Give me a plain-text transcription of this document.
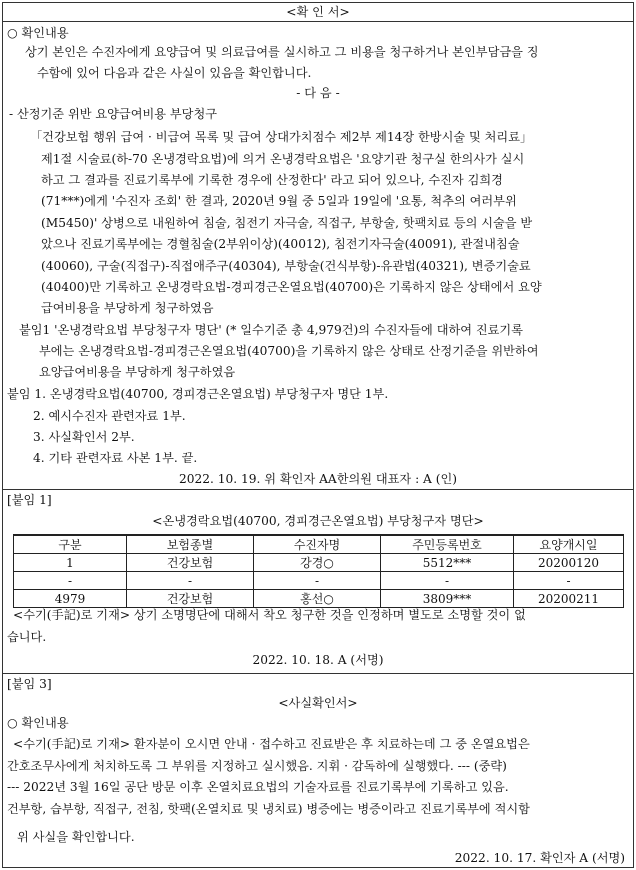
<확 인 서>
○ 확인내용
상기 본인은 수진자에게 요양급여 및 의료급여를 실시하고 그 비용을 청구하거나 본인부담금을 징
수함에 있어 다음과 같은 사실이 있음을 확인합니다.
- 다 음 -
- 산정기준 위반 요양급여비용 부당청구
「건강보험 행위 급여 · 비급여 목록 및 급여 상대가치점수 제2부 제14장 한방시술 및 처리료」
제1절 시술료(하-70 온냉경락요법)에 의거 온냉경락요법은 '요양기관 청구실 한의사가 실시
하고 그 결과를 진료기록부에 기록한 경우에 산정한다' 라고 되어 있으나, 수진자 김희경
(71***)에게 '수진자 조회' 한 결과, 2020년 9월 중 5일과 19일에 '요통, 척추의 여러부위
(M5450)' 상병으로 내원하여 침술, 침전기 자극술, 직접구, 부항술, 핫팩치료 등의 시술을 받
았으나 진료기록부에는 경혈침술(2부위이상)(40012), 침전기자극술(40091), 관절내침술
(40060), 구술(직접구)-직접애주구(40304), 부항술(건식부항)-유관법(40321), 변증기술료
(40400)만 기록하고 온냉경락요법-경피경근온열요법(40700)은 기록하지 않은 상태에서 요양
급여비용을 부당하게 청구하였음
붙임1 '온냉경락요법 부당청구자 명단' (* 일수기준 총 4,979건)의 수진자들에 대하여 진료기록
부에는 온냉경락요법-경피경근온열요법(40700)을 기록하지 않은 상태로 산정기준을 위반하여
요양급여비용을 부당하게 청구하였음
붙임 1. 온냉경락요법(40700, 경피경근온열요법) 부당청구자 명단 1부.
2. 예시수진자 관련자료 1부.
3. 사실확인서 2부.
4. 기타 관련자료 사본 1부. 끝.
2022. 10. 19. 위 확인자 AA한의원 대표자 : A (인)
[붙임 1]
<온냉경락요법(40700, 경피경근온열요법) 부당청구자 명단>
구분	보험종별	수진자명	주민등록번호	요양개시일
1	건강보험	강경○	5512***	20200120
-	-	-	-	-
4979	건강보험	홍선○	3809***	20200211
<수기(手記)로 기재> 상기 소명명단에 대해서 착오 청구한 것을 인정하며 별도로 소명할 것이 없
습니다.
2022. 10. 18. A (서명)
[붙임 3]
<사실확인서>
○ 확인내용
<수기(手記)로 기재> 환자분이 오시면 안내 · 접수하고 진료받은 후 치료하는데 그 중 온열요법은
간호조무사에게 처치하도록 그 부위를 지정하고 실시했음. 지휘 · 감독하에 실행했다. --- (중략)
--- 2022년 3월 16일 공단 방문 이후 온열치료요법의 기술자료를 진료기록부에 기록하고 있음.
건부항, 습부항, 직접구, 전침, 핫팩(온열치료 및 냉치료) 병증에는 병증이라고 진료기록부에 적시함
위 사실을 확인합니다.
2022. 10. 17. 확인자 A (서명)
